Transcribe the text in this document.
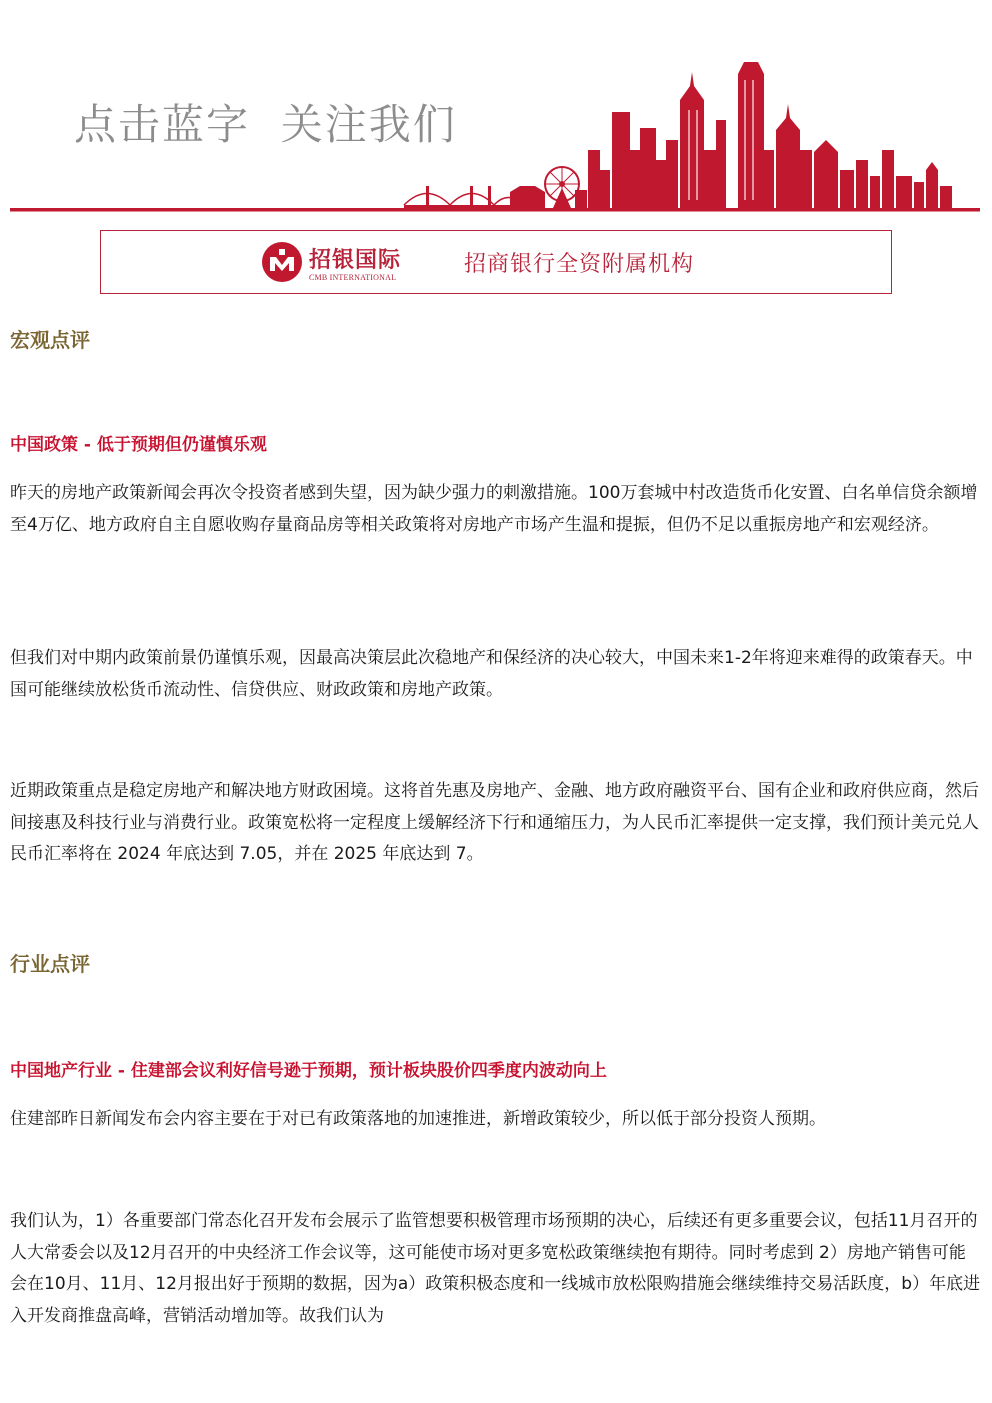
点击蓝字  关注我们
招银国际
CMB INTERNATIONAL
招商银行全资附属机构
宏观点评
中国政策 - 低于预期但仍谨慎乐观

昨天的房地产政策新闻会再次令投资者感到失望，因为缺少强力的刺激措施。100万套城中村改造货币化安置、白名单信贷余额增至4万亿、地方政府自主自愿收购存量商品房等相关政策将对房地产市场产生温和提振，但仍不足以重振房地产和宏观经济。

但我们对中期内政策前景仍谨慎乐观，因最高决策层此次稳地产和保经济的决心较大，中国未来1-2年将迎来难得的政策春天。中国可能继续放松货币流动性、信贷供应、财政政策和房地产政策。

近期政策重点是稳定房地产和解决地方财政困境。这将首先惠及房地产、金融、地方政府融资平台、国有企业和政府供应商，然后间接惠及科技行业与消费行业。政策宽松将一定程度上缓解经济下行和通缩压力，为人民币汇率提供一定支撑，我们预计美元兑人民币汇率将在 2024 年底达到 7.05，并在 2025 年底达到 7。

行业点评
中国地产行业 - 住建部会议利好信号逊于预期，预计板块股价四季度内波动向上

住建部昨日新闻发布会内容主要在于对已有政策落地的加速推进，新增政策较少，所以低于部分投资人预期。

我们认为，1）各重要部门常态化召开发布会展示了监管想要积极管理市场预期的决心，后续还有更多重要会议，包括11月召开的人大常委会以及12月召开的中央经济工作会议等，这可能使市场对更多宽松政策继续抱有期待。同时考虑到 2）房地产销售可能会在10月、11月、12月报出好于预期的数据，因为a）政策积极态度和一线城市放松限购措施会继续维持交易活跃度，b）年底进入开发商推盘高峰，营销活动增加等。故我们认为
